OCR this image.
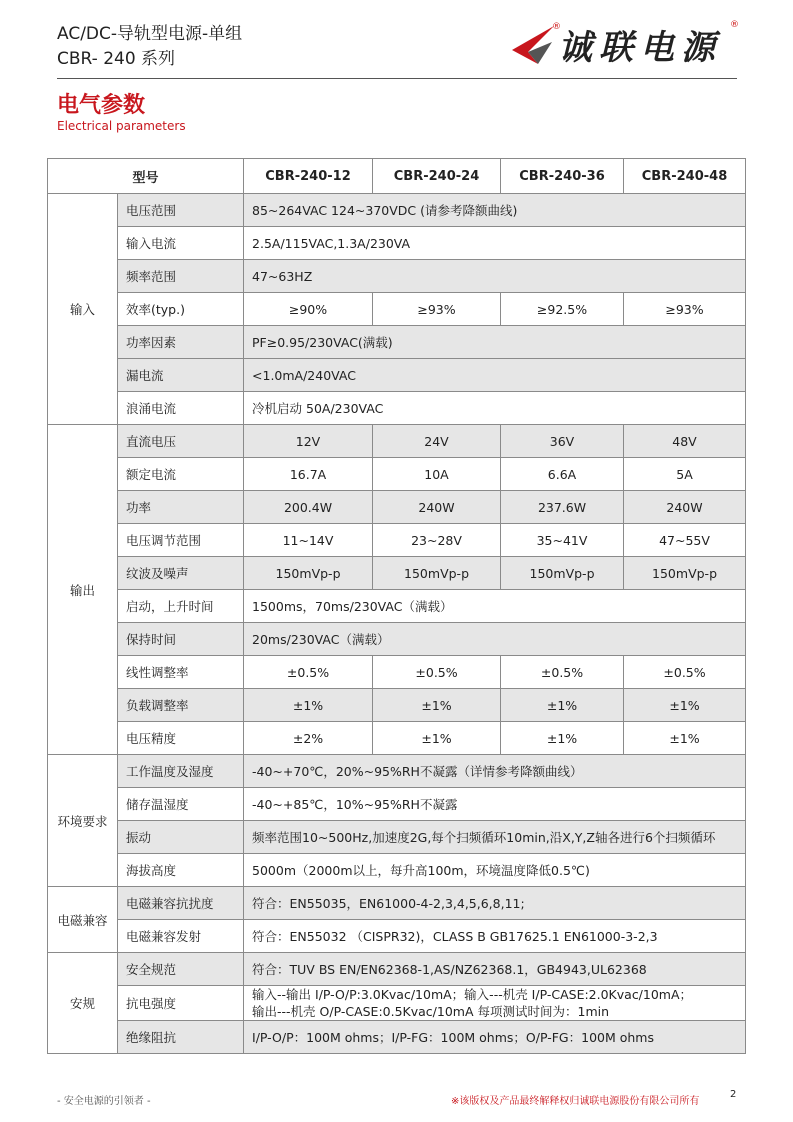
AC/DC-导轨型电源-单组
CBR- 240 系列
®
诚联电源
®
电气参数
Electrical parameters
型号		CBR-240-12	CBR-240-24	CBR-240-36	CBR-240-48
输入	电压范围	85~264VAC 124~370VDC (请参考降额曲线)			
	输入电流	2.5A/115VAC,1.3A/230VA			
	频率范围	47~63HZ			
	效率(typ.)	≥90%	≥93%	≥92.5%	≥93%
	功率因素	PF≥0.95/230VAC(满载)			
	漏电流	<1.0mA/240VAC			
	浪涌电流	冷机启动 50A/230VAC			
输出	直流电压	12V	24V	36V	48V
	额定电流	16.7A	10A	6.6A	5A
	功率	200.4W	240W	237.6W	240W
	电压调节范围	11~14V	23~28V	35~41V	47~55V
	纹波及噪声	150mVp-p	150mVp-p	150mVp-p	150mVp-p
	启动，上升时间	1500ms，70ms/230VAC（满载）			
	保持时间	20ms/230VAC（满载）			
	线性调整率	±0.5%	±0.5%	±0.5%	±0.5%
	负载调整率	±1%	±1%	±1%	±1%
	电压精度	±2%	±1%	±1%	±1%
环境要求	工作温度及湿度	-40~+70℃，20%~95%RH不凝露（详情参考降额曲线）			
	储存温湿度	-40~+85℃，10%~95%RH不凝露			
	振动	频率范围10~500Hz,加速度2G,每个扫频循环10min,沿X,Y,Z轴各进行6个扫频循环			
	海拔高度	5000m（2000m以上，每升高100m，环境温度降低0.5℃)			
电磁兼容	电磁兼容抗扰度	符合：EN55035，EN61000-4-2,3,4,5,6,8,11;			
	电磁兼容发射	符合：EN55032 （CISPR32)，CLASS B GB17625.1 EN61000-3-2,3			
安规	安全规范	符合：TUV BS EN/EN62368-1,AS/NZ62368.1，GB4943,UL62368			
	抗电强度	输入--输出 I/P-O/P:3.0Kvac/10mA；输入---机壳 I/P-CASE:2.0Kvac/10mA；
输出---机壳 O/P-CASE:0.5Kvac/10mA 每项测试时间为：1min			

	绝缘阻抗	I/P-O/P：100M ohms；I/P-FG：100M ohms；O/P-FG：100M ohms			
- 安全电源的引领者 -	※该版权及产品最终解释权归诚联电源股份有限公司所有
2
